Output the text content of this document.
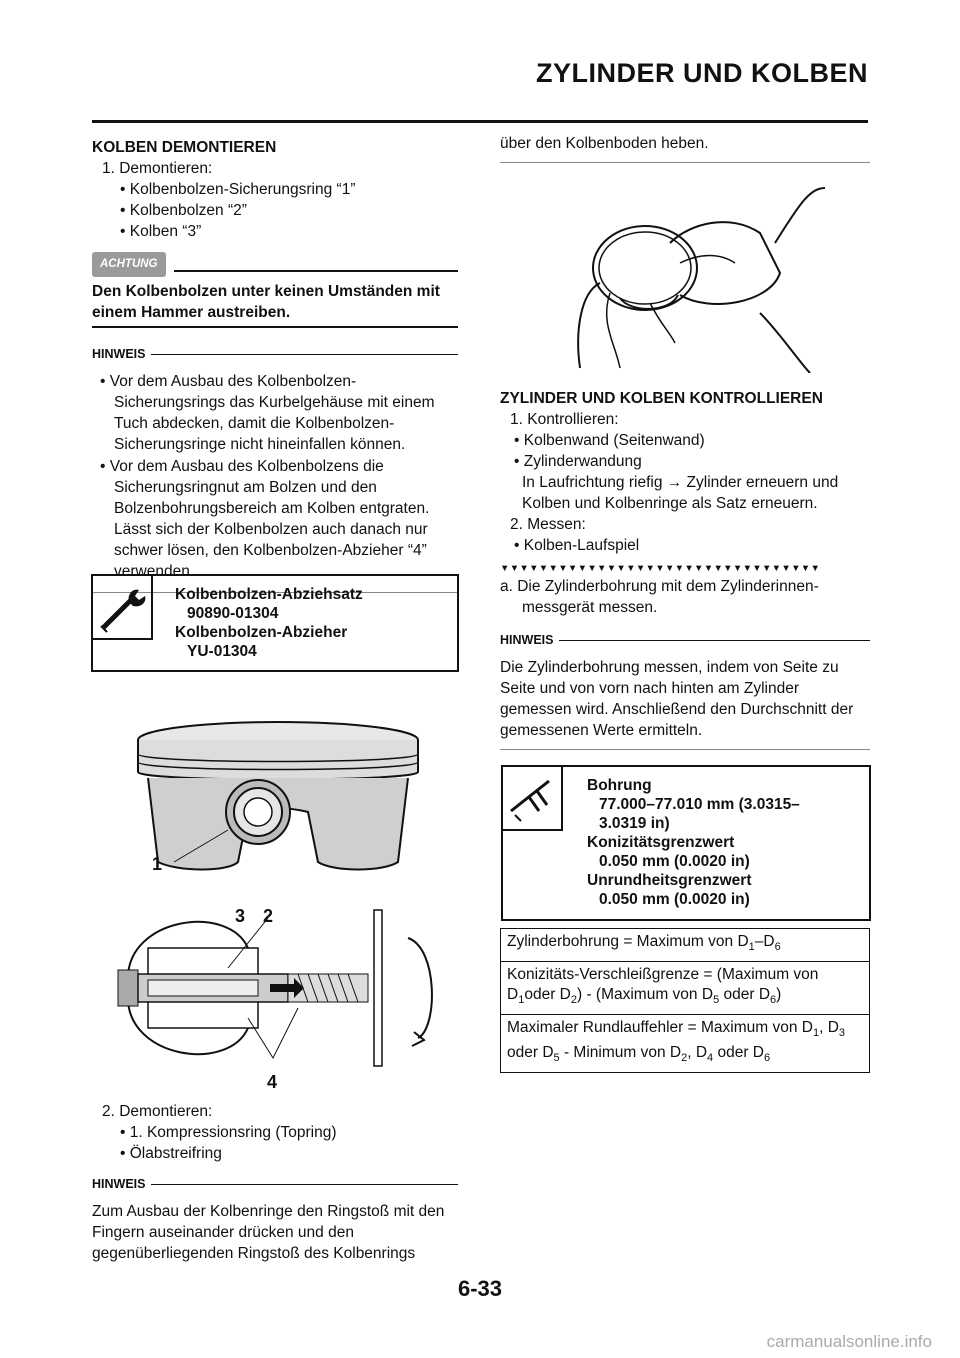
ZYLINDER UND KOLBEN
KOLBEN DEMONTIEREN

1. Demontieren:

• Kolbenbolzen-Sicherungsring “1”

• Kolbenbolzen “2”

• Kolben “3”

ACHTUNG

Den Kolbenbolzen unter keinen Umständen mit einem Hammer austreiben.

HINWEIS

• Vor dem Ausbau des Kolbenbolzen-Sicherungsrings das Kurbelgehäuse mit einem Tuch abdecken, damit die Kolbenbolzen-Sicherungsringe nicht hineinfallen können.

• Vor dem Ausbau des Kolbenbolzens die Sicherungsringnut am Bolzen und den Bolzenbohrungsbereich am Kolben entgraten. Lässt sich der Kolbenbolzen auch danach nur schwer lösen, den Kolbenbolzen-Abzieher “4” verwenden.

Kolbenbolzen-Abziehsatz
90890-01304
Kolbenbolzen-Abzieher
YU-01304
1
3 2
4

2. Demontieren:

• 1. Kompressionsring (Topring)

• Ölabstreifring

HINWEIS

Zum Ausbau der Kolbenringe den Ringstoß mit den Fingern auseinander drücken und den gegenüberliegenden Ringstoß des Kolbenrings

über den Kolbenboden heben.

ZYLINDER UND KOLBEN KONTROLLIEREN

1. Kontrollieren:

• Kolbenwand (Seitenwand)

• Zylinderwandung

In Laufrichtung riefig → Zylinder erneuern und Kolben und Kolbenringe als Satz erneuern.

2. Messen:

• Kolben-Laufspiel

▼▼▼▼▼▼▼▼▼▼▼▼▼▼▼▼▼▼▼▼▼▼▼▼▼▼▼▼▼▼▼▼▼

a. Die Zylinderbohrung mit dem Zylinderinnen-messgerät messen.

HINWEIS

Die Zylinderbohrung messen, indem von Seite zu Seite und von vorn nach hinten am Zylinder gemessen wird. Anschließend den Durchschnitt der gemessenen Werte ermitteln.

Bohrung
77.000–77.010 mm (3.0315–
3.0319 in)
Konizitätsgrenzwert
0.050 mm (0.0020 in)
Unrundheitsgrenzwert
0.050 mm (0.0020 in)
Zylinderbohrung = Maximum von $D_1-D_6$
Konizitäts-Verschleißgrenze = (Maximum von $D_1oder$ $D_2$) - (Maximum von $D_5$ oder $D_6$)
Maximaler Rundlauffehler = Maximum von $D_1$, $D_3$ oder $D_5$ - Minimum von $D_2$, $D_4$ oder $D_6$
6-33
carmanualsonline.info
